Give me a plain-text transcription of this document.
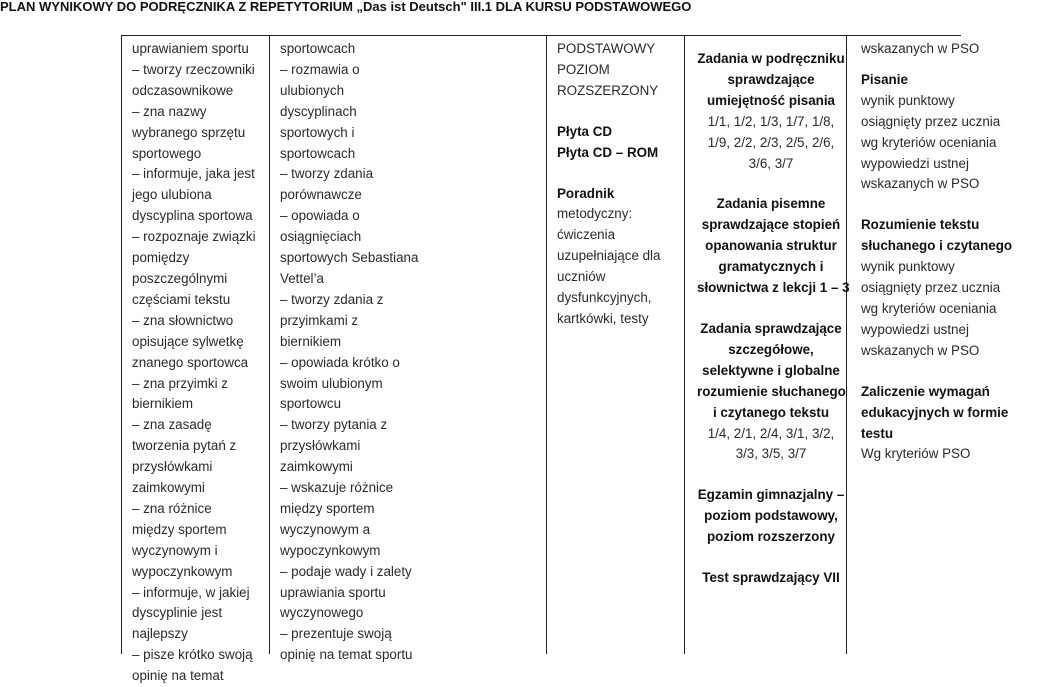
PLAN WYNIKOWY DO PODRĘCZNIKA Z REPETYTORIUM „Das ist Deutsch" III.1 DLA KURSU PODSTAWOWEGO
uprawianiem sportu
– tworzy rzeczowniki
odczasownikowe
– zna nazwy
wybranego sprzętu
sportowego
– informuje, jaka jest
jego ulubiona
dyscyplina sportowa
– rozpoznaje związki
pomiędzy
poszczególnymi
częściami tekstu
– zna słownictwo
opisujące sylwetkę
znanego sportowca
– zna przyimki z
biernikiem
– zna zasadę
tworzenia pytań z
przysłówkami
zaimkowymi
– zna różnice
między sportem
wyczynowym i
wypoczynkowym
– informuje, w jakiej
dyscyplinie jest
najlepszy
– pisze krótko swoją
opinię na temat
sportowcach
– rozmawia o
ulubionych
dyscyplinach
sportowych i
sportowcach
– tworzy zdania
porównawcze
– opowiada o
osiągnięciach
sportowych Sebastiana
Vettel’a
– tworzy zdania z
przyimkami z
biernikiem
– opowiada krótko o
swoim ulubionym
sportowcu
– tworzy pytania z
przysłówkami
zaimkowymi
– wskazuje różnice
między sportem
wyczynowym a
wypoczynkowym
– podaje wady i zalety
uprawiania sportu
wyczynowego
– prezentuje swoją
opinię na temat sportu
PODSTAWOWY
POZIOM
ROZSZERZONY
Płyta CD
Płyta CD – ROM
Poradnik
metodyczny:
ćwiczenia
uzupełniające dla
uczniów
dysfunkcyjnych,
kartkówki, testy
Zadania w podręczniku
sprawdzające
umiejętność pisania
1/1, 1/2, 1/3, 1/7, 1/8,
1/9, 2/2, 2/3, 2/5, 2/6,
3/6, 3/7
Zadania pisemne
sprawdzające stopień
opanowania struktur
gramatycznych i
słownictwa z lekcji 1 – 3
Zadania sprawdzające
szczegółowe,
selektywne i globalne
rozumienie słuchanego
i czytanego tekstu
1/4, 2/1, 2/4, 3/1, 3/2,
3/3, 3/5, 3/7
Egzamin gimnazjalny –
poziom podstawowy,
poziom rozszerzony
Test sprawdzający VII
wskazanych w PSO
Pisanie
wynik punktowy
osiągnięty przez ucznia
wg kryteriów oceniania
wypowiedzi ustnej
wskazanych w PSO
Rozumienie tekstu
słuchanego i czytanego
wynik punktowy
osiągnięty przez ucznia
wg kryteriów oceniania
wypowiedzi ustnej
wskazanych w PSO
Zaliczenie wymagań
edukacyjnych w formie
testu
Wg kryteriów PSO
